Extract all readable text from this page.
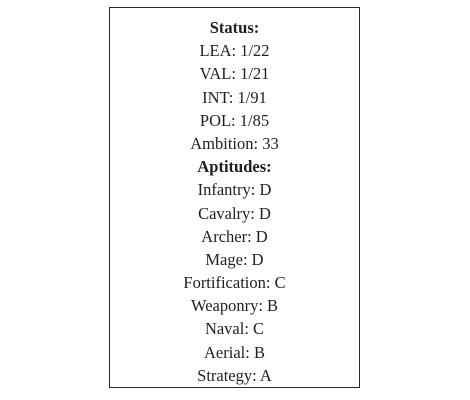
Status:
LEA: 1/22
VAL: 1/21
INT: 1/91
POL: 1/85
Ambition: 33
Aptitudes:
Infantry: D
Cavalry: D
Archer: D
Mage: D
Fortification: C
Weaponry: B
Naval: C
Aerial: B
Strategy: A
